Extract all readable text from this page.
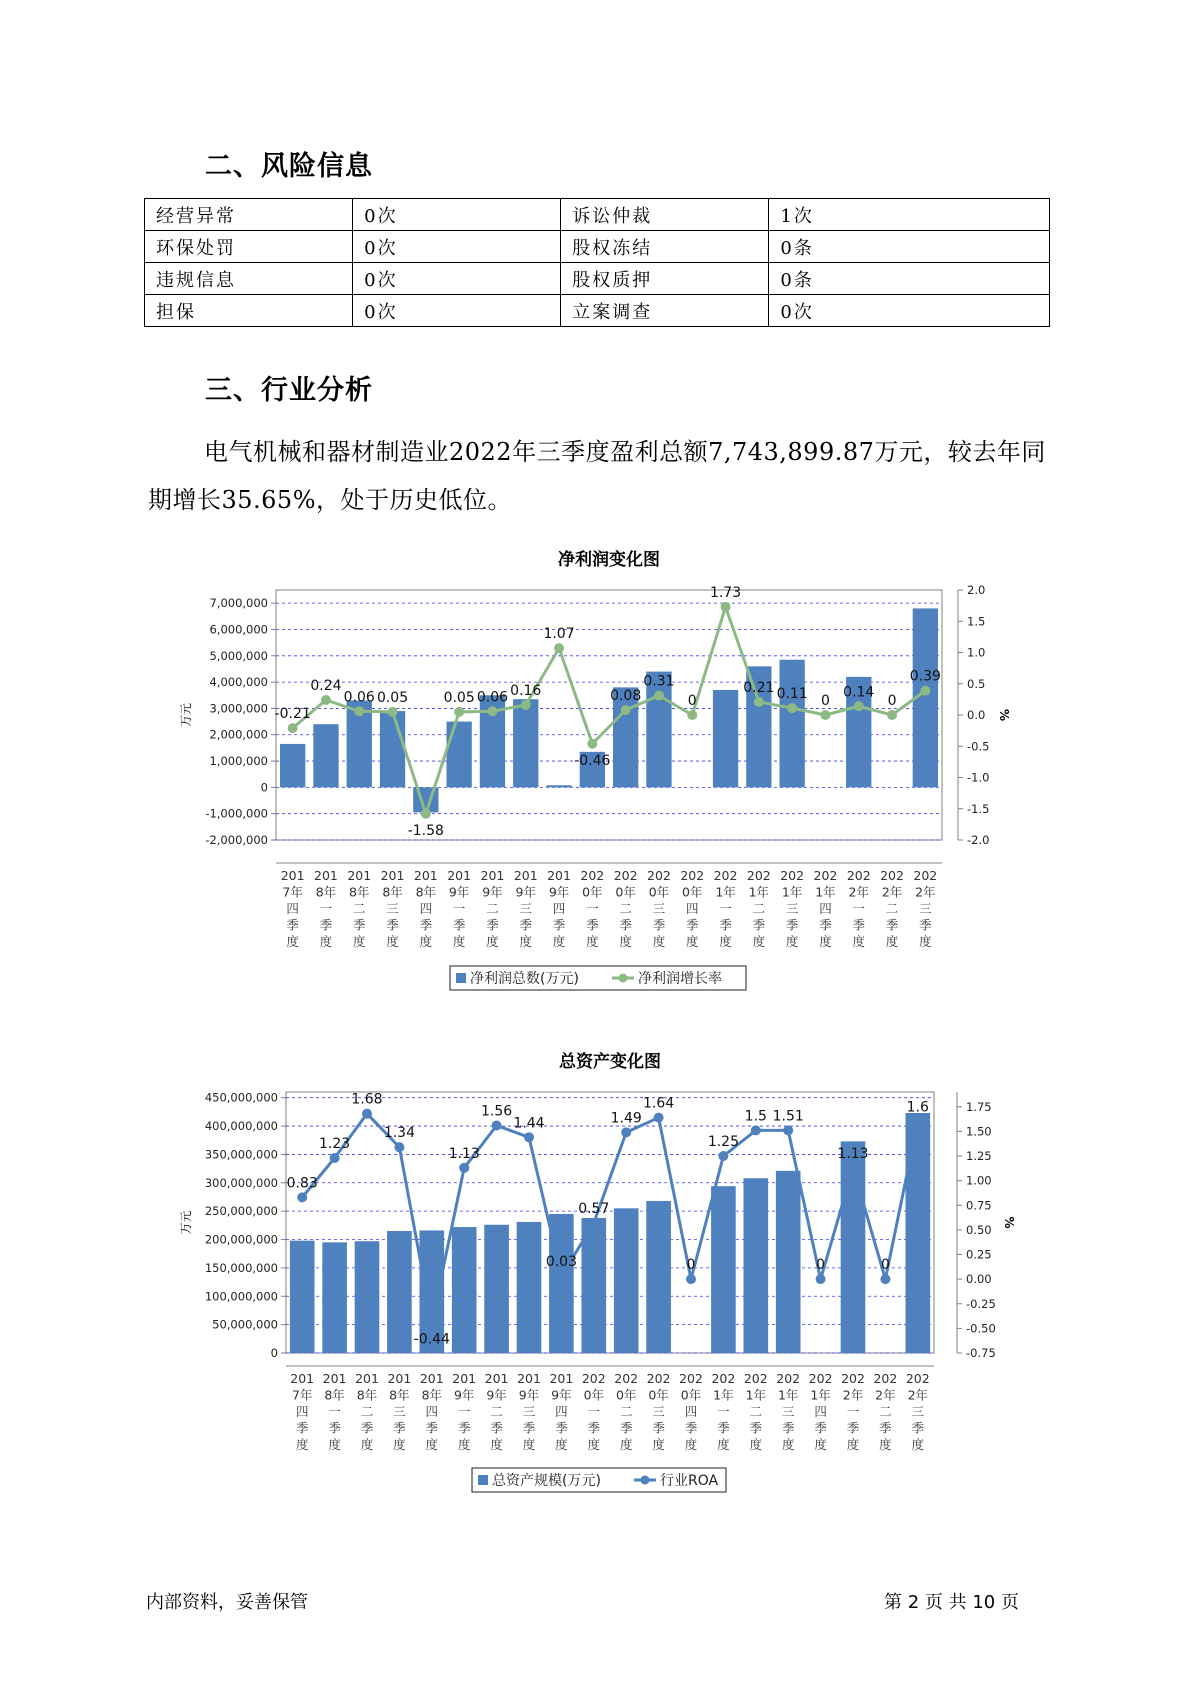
二、风险信息
经营异常	0次	诉讼仲裁	1次
环保处罚	0次	股权冻结	0条
违规信息	0次	股权质押	0条
担保	0次	立案调查	0次
三、行业分析
电气机械和器材制造业2022年三季度盈利总额7,743,899.87万元，较去年同期增长35.65%，处于历史低位。
净利润变化图
7,000,000
6,000,000
5,000,000
4,000,000
3,000,000
2,000,000
1,000,000
0
-1,000,000
-2,000,000
2.0
1.5
1.0
0.5
0.0
-0.5
-1.0
-1.5
-2.0
万元	%
-0.21
0.24
0.06 0.05
-1.58
0.05 0.06 0.16
1.07
-0.46
0.08
0.31
0
1.73
0.21 0.11 0
0.14
0
0.39
201
7年
四
季
度
201
8年
一
季
度
201
8年
二
季
度
201
8年
三
季
度
201
8年
四
季
度
201
9年
一
季
度
201
9年
二
季
度
201
9年
三
季
度
201
9年
四
季
度
202
0年
一
季
度
202
0年
二
季
度
202
0年
三
季
度
202
0年
四
季
度
202
1年
一
季
度
202
1年
二
季
度
202
1年
三
季
度
202
1年
四
季
度
202
2年
一
季
度
202
2年
二
季
度
202
2年
三
季
度
净利润总数(万元)	净利润增长率
总资产变化图
450,000,000
400,000,000
350,000,000
300,000,000
250,000,000
200,000,000
150,000,000
100,000,000
50,000,000
0
1.75
1.50
1.25
1.00
0.75
0.50
0.25
0.00
-0.25
-0.50
-0.75
万元	%
0.83
1.23
1.68
1.34
-0.44
1.13
1.56
1.44
0.03
0.57
1.49
1.64
0
1.25
1.5 1.51
0
1.13
0
1.6
201
7年
四
季
度
201
8年
一
季
度
201
8年
二
季
度
201
8年
三
季
度
201
8年
四
季
度
201
9年
一
季
度
201
9年
二
季
度
201
9年
三
季
度
201
9年
四
季
度
202
0年
一
季
度
202
0年
二
季
度
202
0年
三
季
度
202
0年
四
季
度
202
1年
一
季
度
202
1年
二
季
度
202
1年
三
季
度
202
1年
四
季
度
202
2年
一
季
度
202
2年
二
季
度
202
2年
三
季
度
总资产规模(万元)	行业ROA
内部资料，妥善保管	第 2 页 共 10 页
